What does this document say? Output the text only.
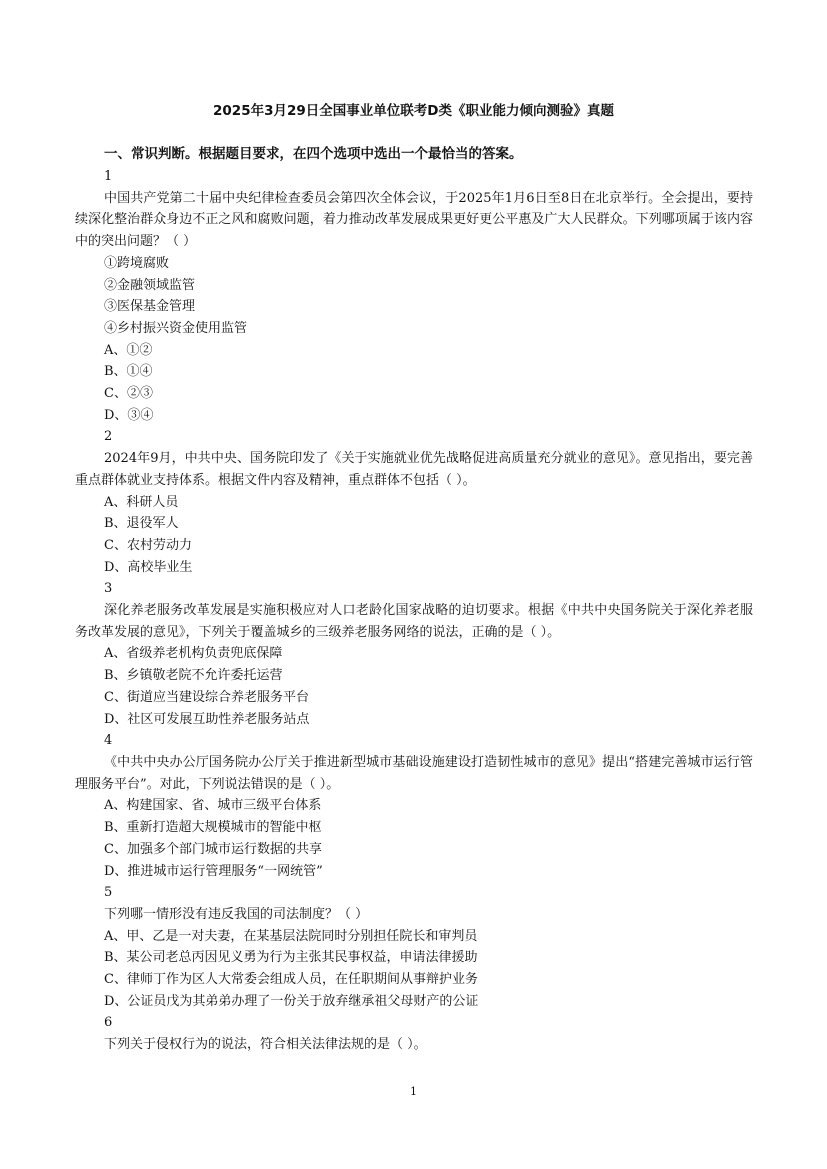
2025年3月29日全国事业单位联考D类《职业能力倾向测验》真题
一、常识判断。根据题目要求，在四个选项中选出一个最恰当的答案。
1
中国共产党第二十届中央纪律检查委员会第四次全体会议，于2025年1月6日至8日在北京举行。全会提出，要持续深化整治群众身边不正之风和腐败问题，着力推动改革发展成果更好更公平惠及广大人民群众。下列哪项属于该内容中的突出问题？（ ）
①跨境腐败
②金融领域监管
③医保基金管理
④乡村振兴资金使用监管
A、①②
B、①④
C、②③
D、③④
2
2024年9月，中共中央、国务院印发了《关于实施就业优先战略促进高质量充分就业的意见》。意见指出，要完善重点群体就业支持体系。根据文件内容及精神，重点群体不包括（ ）。
A、科研人员
B、退役军人
C、农村劳动力
D、高校毕业生
3
深化养老服务改革发展是实施积极应对人口老龄化国家战略的迫切要求。根据《中共中央国务院关于深化养老服务改革发展的意见》，下列关于覆盖城乡的三级养老服务网络的说法，正确的是（ ）。
A、省级养老机构负责兜底保障
B、乡镇敬老院不允许委托运营
C、街道应当建设综合养老服务平台
D、社区可发展互助性养老服务站点
4
《中共中央办公厅国务院办公厅关于推进新型城市基础设施建设打造韧性城市的意见》提出“搭建完善城市运行管理服务平台”。对此，下列说法错误的是（ ）。
A、构建国家、省、城市三级平台体系
B、重新打造超大规模城市的智能中枢
C、加强多个部门城市运行数据的共享
D、推进城市运行管理服务“一网统管”
5
下列哪一情形没有违反我国的司法制度？（ ）
A、甲、乙是一对夫妻，在某基层法院同时分别担任院长和审判员
B、某公司老总丙因见义勇为行为主张其民事权益，申请法律援助
C、律师丁作为区人大常委会组成人员，在任职期间从事辩护业务
D、公证员戊为其弟弟办理了一份关于放弃继承祖父母财产的公证
6
下列关于侵权行为的说法，符合相关法律法规的是（ ）。
1
